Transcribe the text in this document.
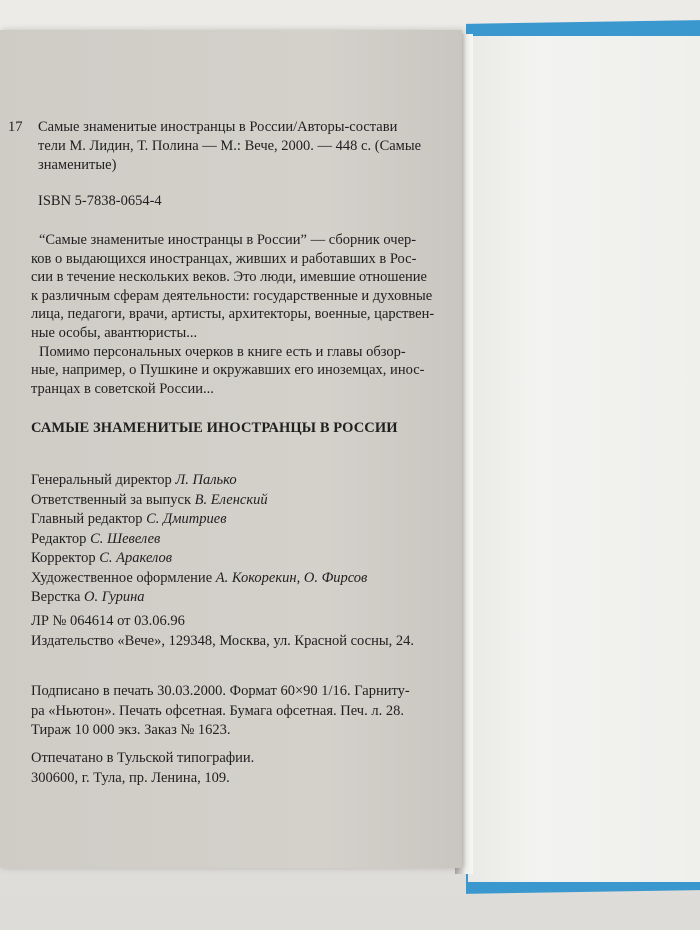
17	Самые знаменитые иностранцы в России/Авторы-состави
тели М. Лидин, Т. Полина — М.: Вече, 2000. — 448 с. (Самые
знаменитые)
ISBN 5-7838-0654-4
“Самые знаменитые иностранцы в России” — сборник очер-
ков о выдающихся иностранцах, живших и работавших в Рос-
сии в течение нескольких веков. Это люди, имевшие отношение
к различным сферам деятельности: государственные и духовные
лица, педагоги, врачи, артисты, архитекторы, военные, царствен-
ные особы, авантюристы...
Помимо персональных очерков в книге есть и главы обзор-
ные, например, о Пушкине и окружавших его иноземцах, инос-
транцах в советской России...
САМЫЕ ЗНАМЕНИТЫЕ ИНОСТРАНЦЫ В РОССИИ
Генеральный директор Л. Палько
Ответственный за выпуск В. Еленский
Главный редактор С. Дмитриев
Редактор С. Шевелев
Корректор С. Аракелов
Художественное оформление А. Кокорекин, О. Фирсов
Верстка О. Гурина
ЛР № 064614 от 03.06.96
Издательство «Вече», 129348, Москва, ул. Красной сосны, 24.
Подписано в печать 30.03.2000. Формат 60×90 1/16. Гарниту-
ра «Ньютон». Печать офсетная. Бумага офсетная. Печ. л. 28.
Тираж 10 000 экз. Заказ № 1623.
Отпечатано в Тульской типографии.
300600, г. Тула, пр. Ленина, 109.
